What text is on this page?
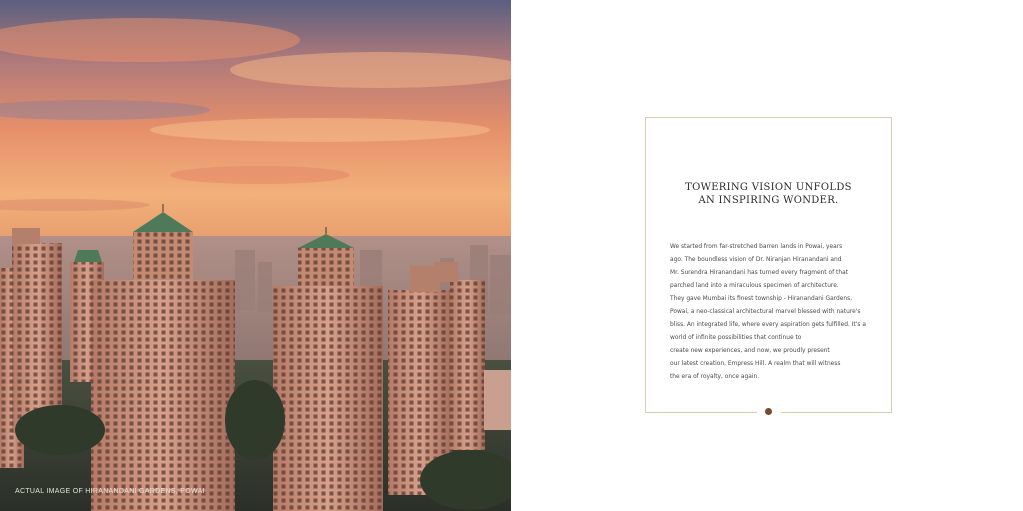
ACTUAL IMAGE OF HIRANANDANI GARDENS, POWAI
TOWERING VISION UNFOLDS
AN INSPIRING WONDER.
We started from far-stretched barren lands in Powai, years
ago. The boundless vision of Dr. Niranjan Hiranandani and
Mr. Surendra Hiranandani has turned every fragment of that
parched land into a miraculous specimen of architecture.
They gave Mumbai its finest township - Hiranandani Gardens,
Powai, a neo-classical architectural marvel blessed with nature's
bliss. An integrated life, where every aspiration gets fulfilled. It's a
world of infinite possibilities that continue to
create new experiences, and now, we proudly present
our latest creation, Empress Hill. A realm that will witness
the era of royalty, once again.
